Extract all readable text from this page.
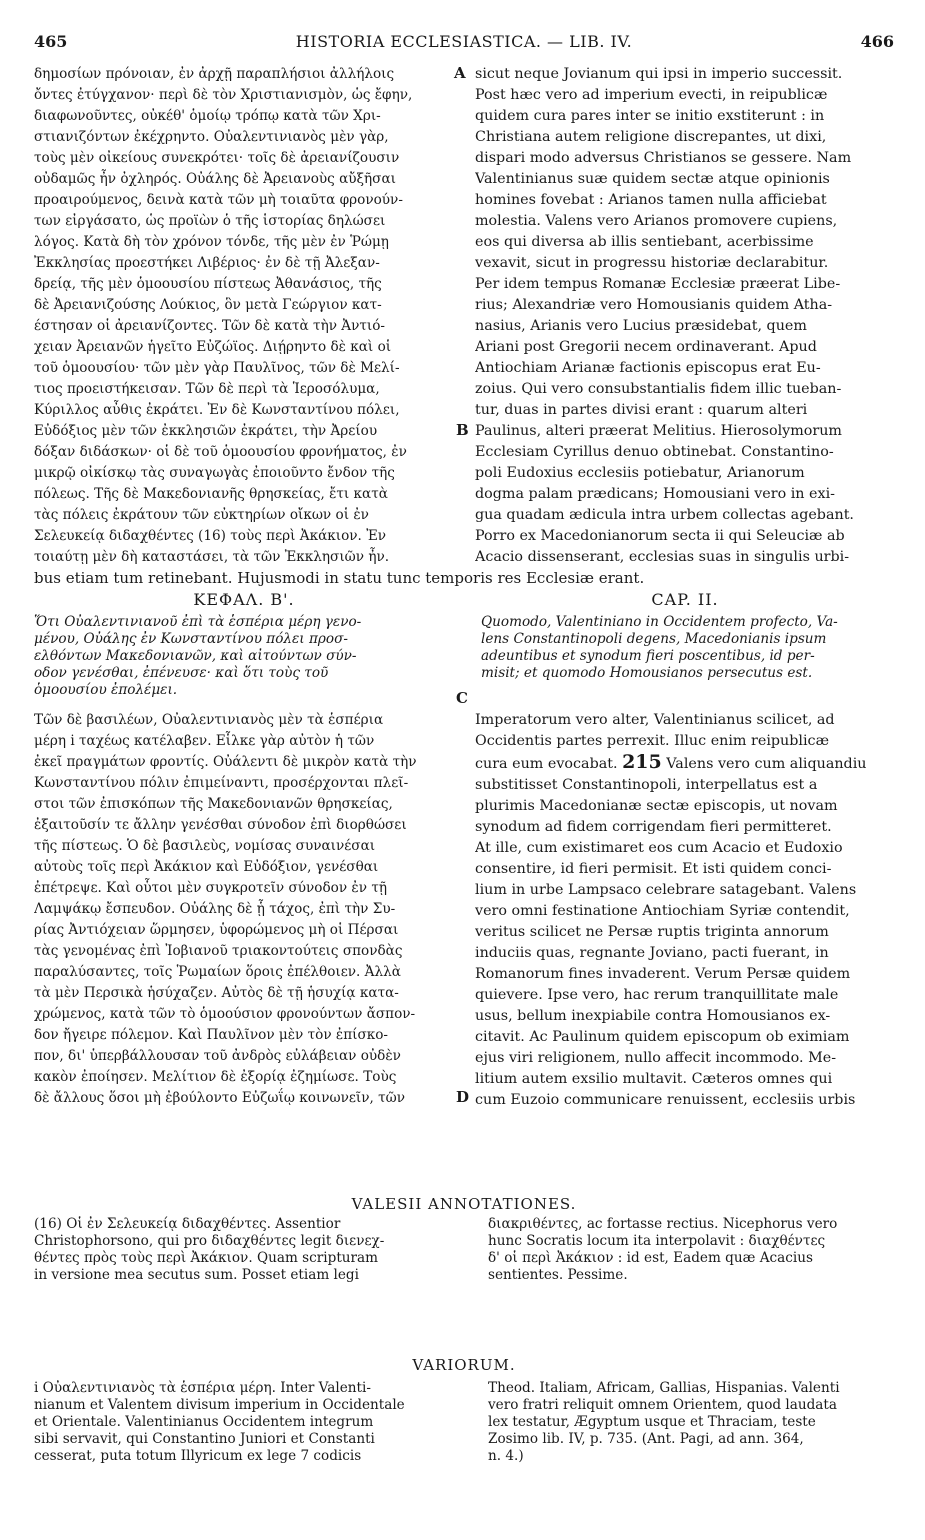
465	HISTORIA ECCLESIASTICA. — LIB. IV.	466
δημοσίων πρόνοιαν, ἐν ἀρχῇ παραπλήσιοι ἀλλήλοις
ὄντες ἐτύγχανον· περὶ δὲ τὸν Χριστιανισμὸν, ὡς ἔφην,
διαφωνοῦντες, οὐκέθ' ὁμοίῳ τρόπῳ κατὰ τῶν Χρι-
στιανιζόντων ἐκέχρηντο. Οὐαλεντινιανὸς μὲν γὰρ,
τοὺς μὲν οἰκείους συνεκρότει· τοῖς δὲ ἀρειανίζουσιν
οὐδαμῶς ἦν ὀχληρός. Οὐάλης δὲ Ἀρειανοὺς αὔξῆσαι
προαιρούμενος, δεινὰ κατὰ τῶν μὴ τοιαῦτα φρονούν-
των εἰργάσατο, ὡς προϊὼν ὁ τῆς ἱστορίας δηλώσει
λόγος. Κατὰ δὴ τὸν χρόνον τόνδε, τῆς μὲν ἐν Ῥώμῃ
Ἐκκλησίας προεστήκει Λιβέριος· ἐν δὲ τῇ Ἀλεξαν-
δρείᾳ, τῆς μὲν ὁμοουσίου πίστεως Ἀθανάσιος, τῆς
δὲ Ἀρειανιζούσης Λούκιος, ὃν μετὰ Γεώργιον κατ-
έστησαν οἱ ἀρειανίζοντες. Τῶν δὲ κατὰ τὴν Ἀντιό-
χειαν Ἀρειανῶν ἡγεῖτο Εὐζώϊος. Διῄρηντο δὲ καὶ οἱ
τοῦ ὁμοουσίου· τῶν μὲν γὰρ Παυλῖνος, τῶν δὲ Μελί-
τιος προειστήκεισαν. Τῶν δὲ περὶ τὰ Ἱεροσόλυμα,
Κύριλλος αὖθις ἐκράτει. Ἐν δὲ Κωνσταντίνου πόλει,
Εὐδόξιος μὲν τῶν ἐκκλησιῶν ἐκράτει, τὴν Ἀρείου
δόξαν διδάσκων· οἱ δὲ τοῦ ὁμοουσίου φρονήματος, ἐν
μικρῷ οἰκίσκῳ τὰς συναγωγὰς ἐποιοῦντο ἔνδον τῆς
πόλεως. Τῆς δὲ Μακεδονιανῆς θρησκείας, ἔτι κατὰ
τὰς πόλεις ἐκράτουν τῶν εὐκτηρίων οἴκων οἱ ἐν
Σελευκείᾳ διδαχθέντες (16) τοὺς περὶ Ἀκάκιον. Ἐν
τοιαύτῃ μὲν δὴ καταστάσει, τὰ τῶν Ἐκκλησιῶν ἦν.
sicut neque Jovianum qui ipsi in imperio successit.
Post hæc vero ad imperium evecti, in reipublicæ
quidem cura pares inter se initio exstiterunt : in
Christiana autem religione discrepantes, ut dixi,
dispari modo adversus Christianos se gessere. Nam
Valentinianus suæ quidem sectæ atque opinionis
homines fovebat : Arianos tamen nulla afficiebat
molestia. Valens vero Arianos promovere cupiens,
eos qui diversa ab illis sentiebant, acerbissime
vexavit, sicut in progressu historiæ declarabitur.
Per idem tempus Romanæ Ecclesiæ præerat Libe-
rius; Alexandriæ vero Homousianis quidem Atha-
nasius, Arianis vero Lucius præsidebat, quem
Ariani post Gregorii necem ordinaverant. Apud
Antiochiam Arianæ factionis episcopus erat Eu-
zoius. Qui vero consubstantialis fidem illic tueban-
tur, duas in partes divisi erant : quarum alteri
Paulinus, alteri præerat Melitius. Hierosolymorum
Ecclesiam Cyrillus denuo obtinebat. Constantino-
poli Eudoxius ecclesiis potiebatur, Arianorum
dogma palam prædicans; Homousiani vero in exi-
gua quadam ædicula intra urbem collectas agebant.
Porro ex Macedonianorum secta ii qui Seleuciæ ab
Acacio dissenserant, ecclesias suas in singulis urbi-
A
B
bus etiam tum retinebant. Hujusmodi in statu tunc temporis res Ecclesiæ erant.
ΚΕΦΑΛ. Β'.	CAP. II.
Ὅτι Οὐαλεντινιανοῦ ἐπὶ τὰ ἑσπέρια μέρη γενο-
μένου, Οὐάλης ἐν Κωνσταντίνου πόλει προσ-
ελθόντων Μακεδονιανῶν, καὶ αἰτούντων σύν-
οδον γενέσθαι, ἐπένευσε· καὶ ὅτι τοὺς τοῦ
ὁμοουσίου ἐπολέμει.
Quomodo, Valentiniano in Occidentem profecto, Va-
lens Constantinopoli degens, Macedonianis ipsum
adeuntibus et synodum fieri poscentibus, id per-
misit; et quomodo Homousianos persecutus est.
C
Τῶν δὲ βασιλέων, Οὐαλεντινιανὸς μὲν τὰ ἑσπέρια
μέρη i ταχέως κατέλαβεν. Εἷλκε γὰρ αὐτὸν ἡ τῶν
ἐκεῖ πραγμάτων φροντίς. Οὐάλεντι δὲ μικρὸν κατὰ τὴν
Κωνσταντίνου πόλιν ἐπιμείναντι, προσέρχονται πλεῖ-
στοι τῶν ἐπισκόπων τῆς Μακεδονιανῶν θρησκείας,
ἐξαιτοῦσίν τε ἄλλην γενέσθαι σύνοδον ἐπὶ διορθώσει
τῆς πίστεως. Ὁ δὲ βασιλεὺς, νομίσας συναινέσαι
αὐτοὺς τοῖς περὶ Ἀκάκιον καὶ Εὐδόξιον, γενέσθαι
ἐπέτρεψε. Καὶ οὗτοι μὲν συγκροτεῖν σύνοδον ἐν τῇ
Λαμψάκῳ ἔσπευδον. Οὐάλης δὲ ᾗ τάχος, ἐπὶ τὴν Συ-
ρίας Ἀντιόχειαν ὥρμησεν, ὑφορώμενος μὴ οἱ Πέρσαι
τὰς γενομένας ἐπὶ Ἰοβιανοῦ τριακοντούτεις σπονδὰς
παραλύσαντες, τοῖς Ῥωμαίων ὅροις ἐπέλθοιεν. Ἀλλὰ
τὰ μὲν Περσικὰ ἡσύχαζεν. Αὐτὸς δὲ τῇ ἡσυχίᾳ κατα-
χρώμενος, κατὰ τῶν τὸ ὁμοούσιον φρονούντων ἄσπον-
δον ἤγειρε πόλεμον. Καὶ Παυλῖνον μὲν τὸν ἐπίσκο-
πον, δι' ὑπερβάλλουσαν τοῦ ἀνδρὸς εὐλάβειαν οὐδὲν
κακὸν ἐποίησεν. Μελίτιον δὲ ἐξορίᾳ ἐζημίωσε. Τοὺς
δὲ ἄλλους ὅσοι μὴ ἐβούλοντο Εὐζωΐῳ κοινωνεῖν, τῶν
Imperatorum vero alter, Valentinianus scilicet, ad
Occidentis partes perrexit. Illuc enim reipublicæ
cura eum evocabat. 215 Valens vero cum aliquandiu
substitisset Constantinopoli, interpellatus est a
plurimis Macedonianæ sectæ episcopis, ut novam
synodum ad fidem corrigendam fieri permitteret.
At ille, cum existimaret eos cum Acacio et Eudoxio
consentire, id fieri permisit. Et isti quidem conci-
lium in urbe Lampsaco celebrare satagebant. Valens
vero omni festinatione Antiochiam Syriæ contendit,
veritus scilicet ne Persæ ruptis triginta annorum
induciis quas, regnante Joviano, pacti fuerant, in
Romanorum fines invaderent. Verum Persæ quidem
quievere. Ipse vero, hac rerum tranquillitate male
usus, bellum inexpiabile contra Homousianos ex-
citavit. Ac Paulinum quidem episcopum ob eximiam
ejus viri religionem, nullo affecit incommodo. Me-
litium autem exsilio multavit. Cæteros omnes qui
cum Euzoio communicare renuissent, ecclesiis urbis
D
VALESII ANNOTATIONES.
(16) Οἱ ἐν Σελευκείᾳ διδαχθέντες. Assentior
Christophorsono, qui pro διδαχθέντες legit διενεχ-
θέντες πρὸς τοὺς περὶ Ἀκάκιον. Quam scripturam
in versione mea secutus sum. Posset etiam legi
διακριθέντες, ac fortasse rectius. Nicephorus vero
hunc Socratis locum ita interpolavit : διαχθέντες
δ' οἱ περὶ Ἀκάκιον : id est, Eadem quæ Acacius
sentientes. Pessime.
VARIORUM.
i Οὐαλεντινιανὸς τὰ ἑσπέρια μέρη. Inter Valenti-
nianum et Valentem divisum imperium in Occidentale
et Orientale. Valentinianus Occidentem integrum
sibi servavit, qui Constantino Juniori et Constanti
cesserat, puta totum Illyricum ex lege 7 codicis
Theod. Italiam, Africam, Gallias, Hispanias. Valenti
vero fratri reliquit omnem Orientem, quod laudata
lex testatur, Ægyptum usque et Thraciam, teste
Zosimo lib. IV, p. 735. (Ant. Pagi, ad ann. 364,
n. 4.)
